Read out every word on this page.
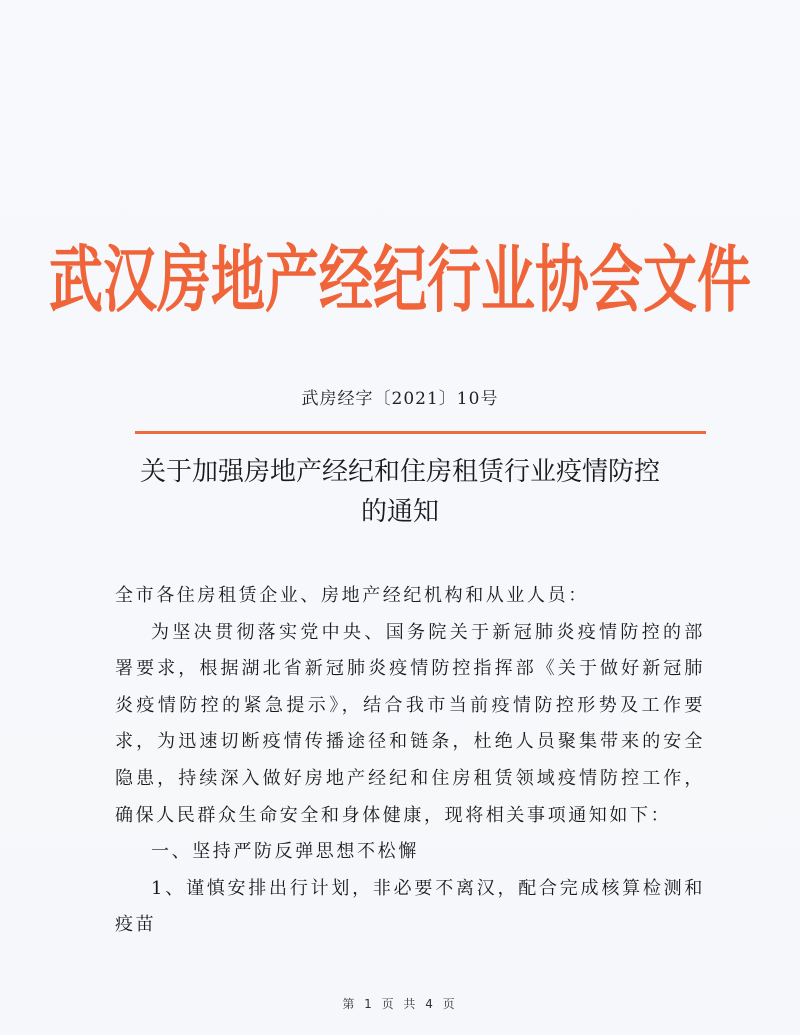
武汉房地产经纪行业协会文件
武房经字〔2021〕10号
关于加强房地产经纪和住房租赁行业疫情防控
的通知

全市各住房租赁企业、房地产经纪机构和从业人员：

为坚决贯彻落实党中央、国务院关于新冠肺炎疫情防控的部署要求，根据湖北省新冠肺炎疫情防控指挥部《关于做好新冠肺炎疫情防控的紧急提示》，结合我市当前疫情防控形势及工作要求，为迅速切断疫情传播途径和链条，杜绝人员聚集带来的安全隐患，持续深入做好房地产经纪和住房租赁领域疫情防控工作，确保人民群众生命安全和身体健康，现将相关事项通知如下：

一、坚持严防反弹思想不松懈

1、谨慎安排出行计划，非必要不离汉，配合完成核算检测和疫苗

第 1 页 共 4 页
